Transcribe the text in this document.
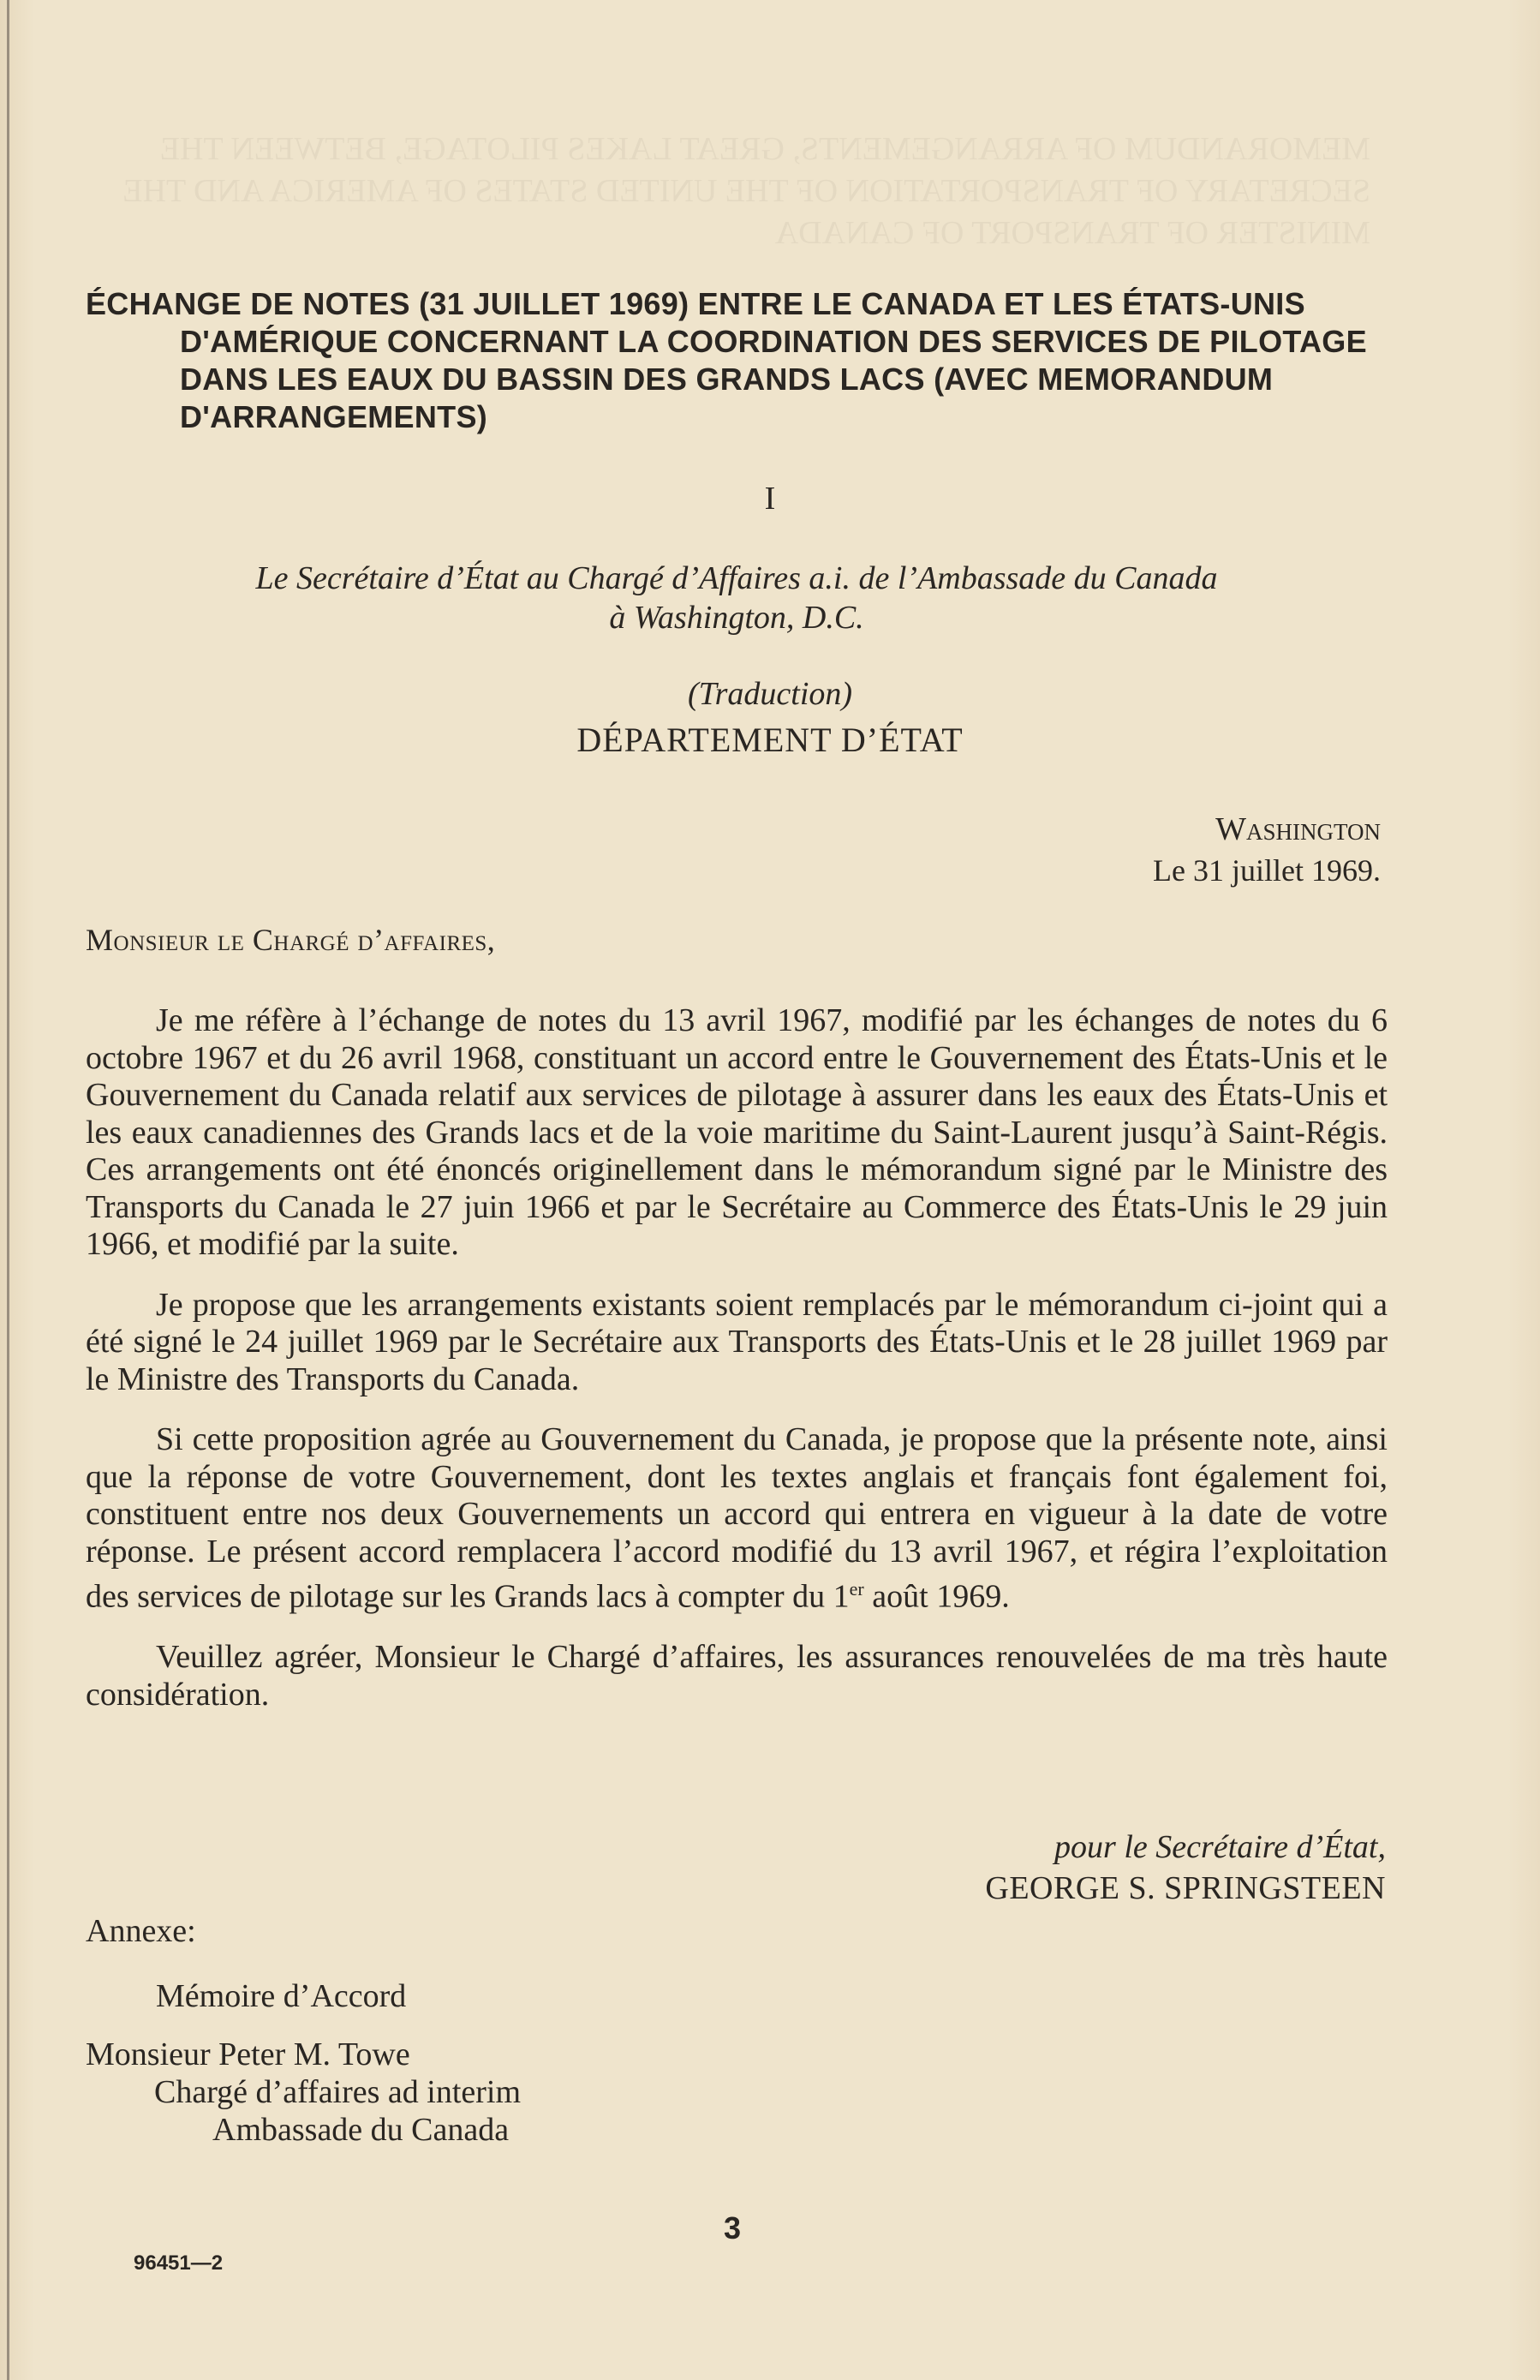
MEMORANDUM OF ARRANGEMENTS, GREAT LAKES PILOTAGE, BETWEEN THE SECRETARY OF TRANSPORTATION OF THE UNITED STATES OF AMERICA AND THE MINISTER OF TRANSPORT OF CANADA
ÉCHANGE DE NOTES (31 JUILLET 1969) ENTRE LE CANADA ET LES ÉTATS-UNIS
D'AMÉRIQUE CONCERNANT LA COORDINATION DES SERVICES DE PILOTAGE DANS LES EAUX DU BASSIN DES GRANDS LACS (AVEC MEMORANDUM D'ARRANGEMENTS)
I
Le Secrétaire d’État au Chargé d’Affaires a.i. de l’Ambassade du Canada
à Washington, D.C.
(Traduction)
DÉPARTEMENT D’ÉTAT
Washington
Le 31 juillet 1969.
Monsieur le Chargé d’affaires,

Je me réfère à l’échange de notes du 13 avril 1967, modifié par les échanges de notes du 6 octobre 1967 et du 26 avril 1968, constituant un accord entre le Gouvernement des États-Unis et le Gouvernement du Canada relatif aux services de pilotage à assurer dans les eaux des États-Unis et les eaux canadiennes des Grands lacs et de la voie maritime du Saint-Laurent jusqu’à Saint-Régis. Ces arrangements ont été énoncés originellement dans le mémorandum signé par le Ministre des Transports du Canada le 27 juin 1966 et par le Secrétaire au Commerce des États-Unis le 29 juin 1966, et modifié par la suite.

Je propose que les arrangements existants soient remplacés par le mémorandum ci-joint qui a été signé le 24 juillet 1969 par le Secrétaire aux Transports des États-Unis et le 28 juillet 1969 par le Ministre des Transports du Canada.

Si cette proposition agrée au Gouvernement du Canada, je propose que la présente note, ainsi que la réponse de votre Gouvernement, dont les textes anglais et français font également foi, constituent entre nos deux Gouvernements un accord qui entrera en vigueur à la date de votre réponse. Le présent accord remplacera l’accord modifié du 13 avril 1967, et régira l’exploitation des services de pilotage sur les Grands lacs à compter du 1er août 1969.

Veuillez agréer, Monsieur le Chargé d’affaires, les assurances renouvelées de ma très haute considération.

pour le Secrétaire d’État,
GEORGE S. SPRINGSTEEN
Annexe:
Mémoire d’Accord
Monsieur Peter M. Towe
Chargé d’affaires ad interim
Ambassade du Canada
3
96451—2
